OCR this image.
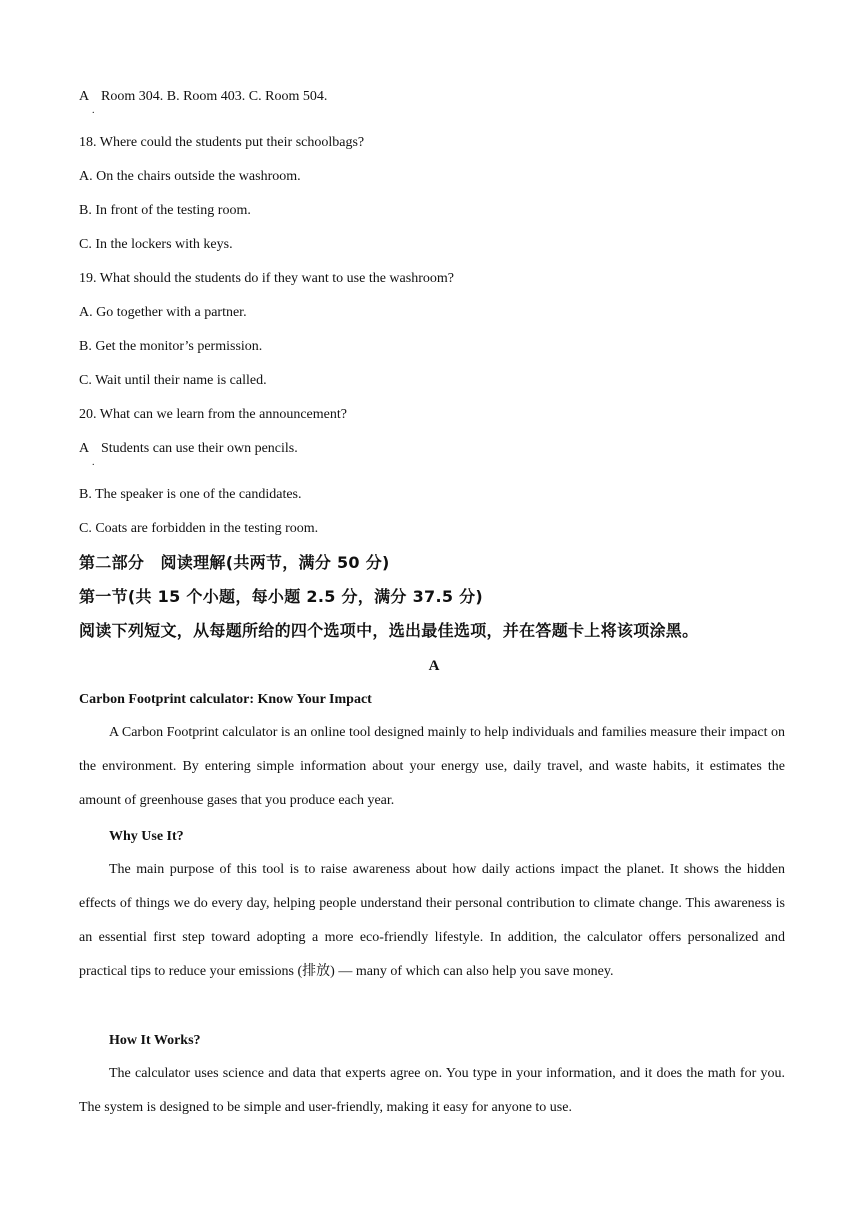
A Room 304. B. Room 403. C. Room 504.
.
18. Where could the students put their schoolbags?
A. On the chairs outside the washroom.
B. In front of the testing room.
C. In the lockers with keys.
19. What should the students do if they want to use the washroom?
A. Go together with a partner.
B. Get the monitor’s permission.
C. Wait until their name is called.
20. What can we learn from the announcement?
A Students can use their own pencils.
.
B. The speaker is one of the candidates.
C. Coats are forbidden in the testing room.
第二部分　阅读理解(共两节，满分 50 分)
第一节(共 15 个小题，每小题 2.5 分，满分 37.5 分)
阅读下列短文，从每题所给的四个选项中，选出最佳选项，并在答题卡上将该项涂黑。
A
Carbon Footprint calculator: Know Your Impact

A Carbon Footprint calculator is an online tool designed mainly to help individuals and families measure their impact on the environment. By entering simple information about your energy use, daily travel, and waste habits, it estimates the amount of greenhouse gases that you produce each year.

Why Use It?

The main purpose of this tool is to raise awareness about how daily actions impact the planet. It shows the hidden effects of things we do every day, helping people understand their personal contribution to climate change. This awareness is an essential first step toward adopting a more eco-friendly lifestyle. In addition, the calculator offers personalized and practical tips to reduce your emissions (排放) — many of which can also help you save money.

How It Works?

The calculator uses science and data that experts agree on. You type in your information, and it does the math for you. The system is designed to be simple and user-friendly, making it easy for anyone to use.
